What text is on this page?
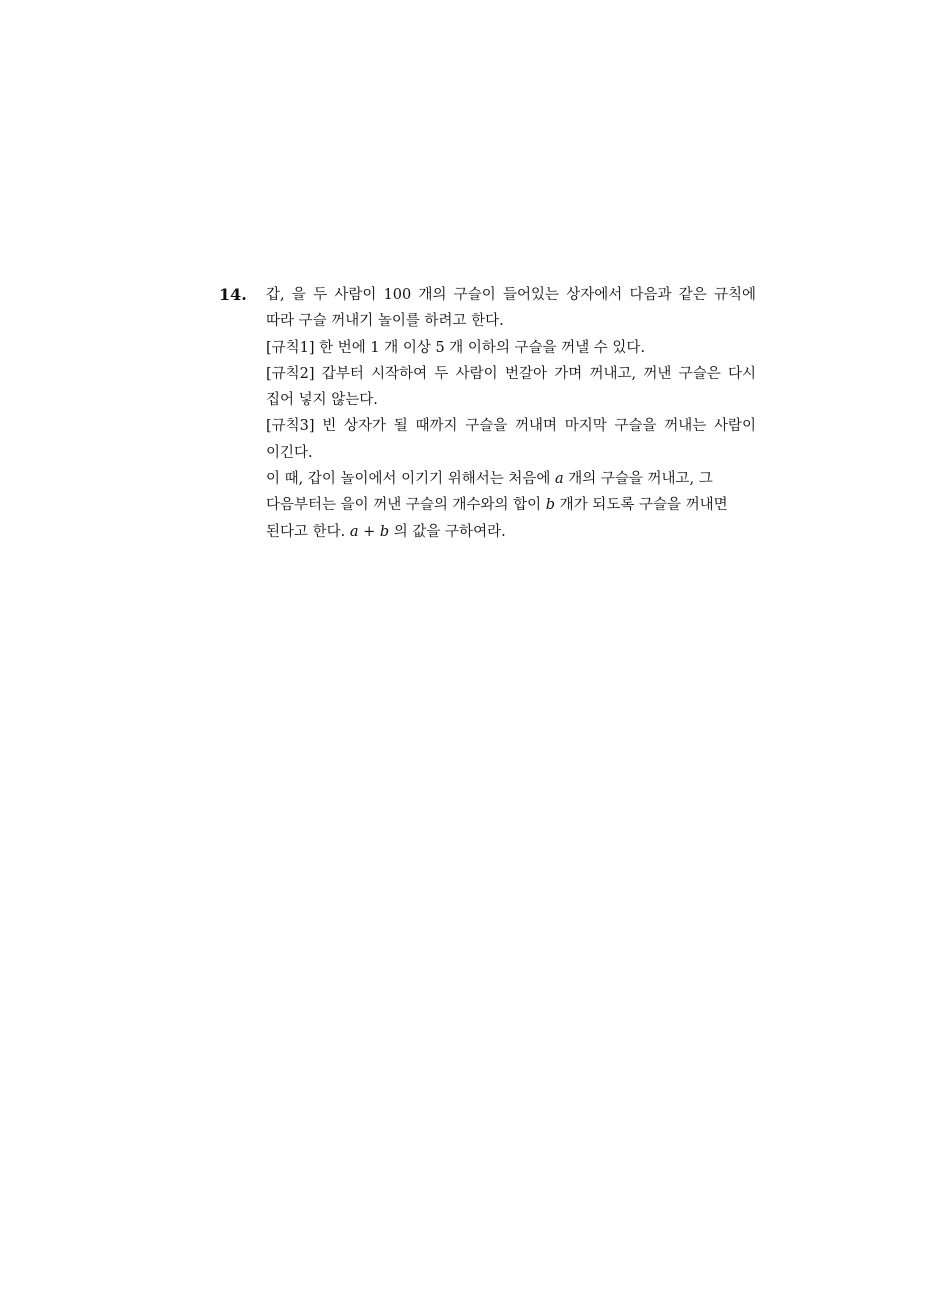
14. 갑, 을 두 사람이 100 개의 구슬이 들어있는 상자에서 다음과 같은 규칙에
따라 구슬 꺼내기 놀이를 하려고 한다.
[규칙1] 한 번에 1 개 이상 5 개 이하의 구슬을 꺼낼 수 있다.
[규칙2] 갑부터 시작하여 두 사람이 번갈아 가며 꺼내고, 꺼낸 구슬은 다시
집어 넣지 않는다.
[규칙3] 빈 상자가 될 때까지 구슬을 꺼내며 마지막 구슬을 꺼내는 사람이
이긴다.
이 때, 갑이 놀이에서 이기기 위해서는 처음에 a 개의 구슬을 꺼내고, 그
다음부터는 을이 꺼낸 구슬의 개수와의 합이 b 개가 되도록 구슬을 꺼내면
된다고 한다. a + b 의 값을 구하여라.
